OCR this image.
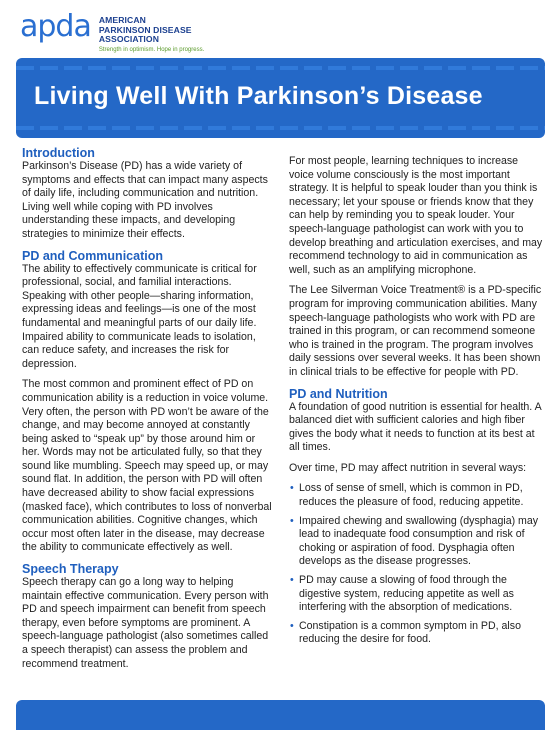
apda AMERICAN
PARKINSON DISEASE
ASSOCIATION
Strength in optimism. Hope in progress.
Living Well With Parkinson’s Disease
Introduction

Parkinson’s Disease (PD) has a wide variety of symptoms and effects that can impact many aspects of daily life, including communication and nutrition. Living well while coping with PD involves understanding these impacts, and developing strategies to minimize their effects.

PD and Communication

The ability to effectively communicate is critical for professional, social, and familial interactions. Speaking with other people—sharing information, expressing ideas and feelings—is one of the most fundamental and meaningful parts of our daily life. Impaired ability to communicate leads to isolation, can reduce safety, and increases the risk for depression.

The most common and prominent effect of PD on communication ability is a reduction in voice volume. Very often, the person with PD won’t be aware of the change, and may become annoyed at constantly being asked to “speak up” by those around him or her. Words may not be articulated fully, so that they sound like mumbling. Speech may speed up, or may sound flat. In addition, the person with PD will often have decreased ability to show facial expressions (masked face), which contributes to loss of nonverbal communication abilities. Cognitive changes, which occur most often later in the disease, may decrease the ability to communicate effectively as well.

Speech Therapy

Speech therapy can go a long way to helping maintain effective communication. Every person with PD and speech impairment can benefit from speech therapy, even before symptoms are prominent. A speech-language pathologist (also sometimes called a speech therapist) can assess the problem and recommend treatment.

For most people, learning techniques to increase voice volume consciously is the most important strategy. It is helpful to speak louder than you think is necessary; let your spouse or friends know that they can help by reminding you to speak louder. Your speech-language pathologist can work with you to develop breathing and articulation exercises, and may recommend technology to aid in communication as well, such as an amplifying microphone.

The Lee Silverman Voice Treatment® is a PD-specific program for improving communication abilities. Many speech-language pathologists who work with PD are trained in this program, or can recommend someone who is trained in the program. The program involves daily sessions over several weeks. It has been shown in clinical trials to be effective for people with PD.

PD and Nutrition

A foundation of good nutrition is essential for health. A balanced diet with sufficient calories and high fiber gives the body what it needs to function at its best at all times.

Over time, PD may affect nutrition in several ways:

• Loss of sense of smell, which is common in PD, reduces the pleasure of food, reducing appetite.
• Impaired chewing and swallowing (dysphagia) may lead to inadequate food consumption and risk of choking or aspiration of food. Dysphagia often develops as the disease progresses.
• PD may cause a slowing of food through the digestive system, reducing appetite as well as interfering with the absorption of medications.
• Constipation is a common symptom in PD, also reducing the desire for food.
